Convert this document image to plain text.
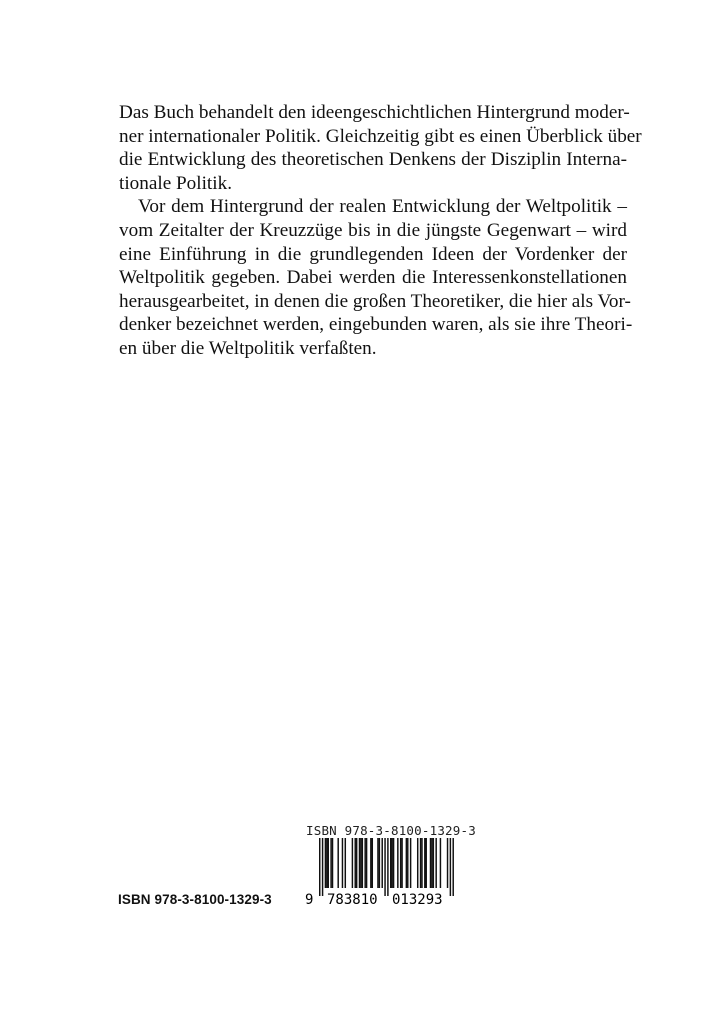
Das Buch behandelt den ideengeschichtlichen Hintergrund moder-
ner internationaler Politik. Gleichzeitig gibt es einen Überblick über
die Entwicklung des theoretischen Denkens der Disziplin Interna-
tionale Politik.
Vor dem Hintergrund der realen Entwicklung der Weltpolitik –
vom Zeitalter der Kreuzzüge bis in die jüngste Gegenwart – wird
eine Einführung in die grundlegenden Ideen der Vordenker der
Weltpolitik gegeben. Dabei werden die Interessenkonstellationen
herausgearbeitet, in denen die großen Theoretiker, die hier als Vor-
denker bezeichnet werden, eingebunden waren, als sie ihre Theori-
en über die Weltpolitik verfaßten.
ISBN 978-3-8100-1329-3
9 783810 013293
ISBN 978-3-8100-1329-3
